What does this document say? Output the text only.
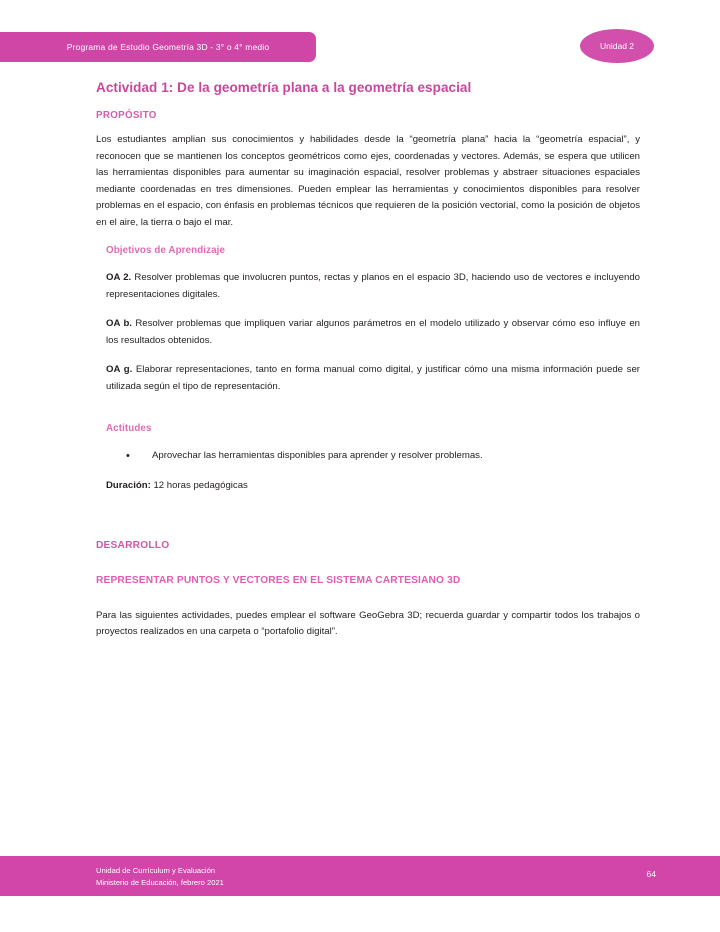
Programa de Estudio Geometría 3D - 3° o 4° medio	Unidad 2
Actividad 1: De la geometría plana a la geometría espacial
PROPÓSITO

Los estudiantes amplian sus conocimientos y habilidades desde la “geometría plana” hacia la “geometría espacial”, y reconocen que se mantienen los conceptos geométricos como ejes, coordenadas y vectores. Además, se espera que utilicen las herramientas disponibles para aumentar su imaginación espacial, resolver problemas y abstraer situaciones espaciales mediante coordenadas en tres dimensiones. Pueden emplear las herramientas y conocimientos disponibles para resolver problemas en el espacio, con énfasis en problemas técnicos que requieren de la posición vectorial, como la posición de objetos en el aire, la tierra o bajo el mar.

Objetivos de Aprendizaje

OA 2. Resolver problemas que involucren puntos, rectas y planos en el espacio 3D, haciendo uso de vectores e incluyendo representaciones digitales.

OA b. Resolver problemas que impliquen variar algunos parámetros en el modelo utilizado y observar cómo eso influye en los resultados obtenidos.

OA g. Elaborar representaciones, tanto en forma manual como digital, y justificar cómo una misma información puede ser utilizada según el tipo de representación.

Actitudes
• Aprovechar las herramientas disponibles para aprender y resolver problemas.

Duración: 12 horas pedagógicas

DESARROLLO
REPRESENTAR PUNTOS Y VECTORES EN EL SISTEMA CARTESIANO 3D

Para las siguientes actividades, puedes emplear el software GeoGebra 3D; recuerda guardar y compartir todos los trabajos o proyectos realizados en una carpeta o “portafolio digital”.

Unidad de Currículum y Evaluación
Ministerio de Educación, febrero 2021
64
